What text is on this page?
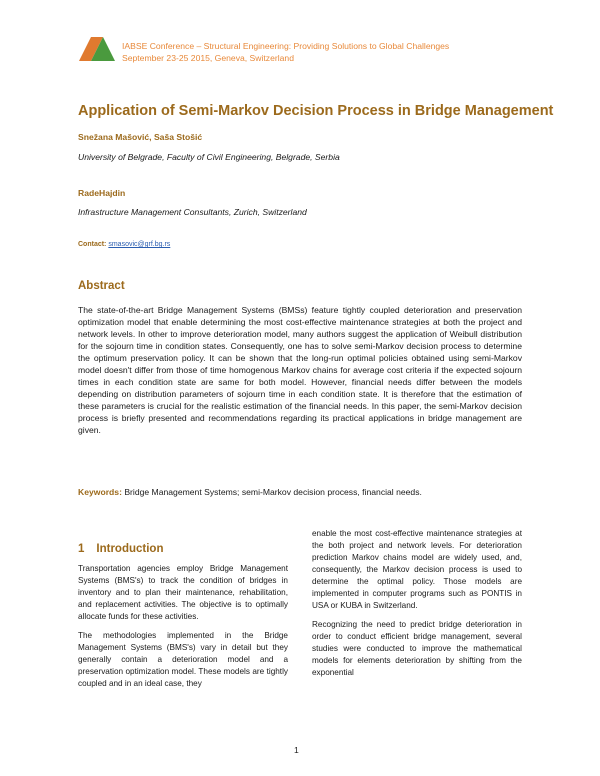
IABSE Conference – Structural Engineering: Providing Solutions to Global Challenges
September 23-25 2015, Geneva, Switzerland
Application of Semi-Markov Decision Process in Bridge Management
Snežana Mašović, Saša Stošić
University of Belgrade, Faculty of Civil Engineering, Belgrade, Serbia
RadeHajdin
Infrastructure Management Consultants, Zurich, Switzerland
Contact: smasovic@grf.bg.rs
Abstract
The state-of-the-art Bridge Management Systems (BMSs) feature tightly coupled deterioration and preservation optimization model that enable determining the most cost-effective maintenance strategies at both the project and network levels. In other to improve deterioration model, many authors suggest the application of Weibull distribution for the sojourn time in condition states. Consequently, one has to solve semi-Markov decision process to determine the optimum preservation policy. It can be shown that the long-run optimal policies obtained using semi-Markov model doesn't differ from those of time homogenous Markov chains for average cost criteria if the expected sojourn times in each condition state are same for both model. However, financial needs differ between the models depending on distribution parameters of sojourn time in each condition state. It is therefore that the estimation of these parameters is crucial for the realistic estimation of the financial needs. In this paper, the semi-Markov decision process is briefly presented and recommendations regarding its practical applications in bridge management are given.
Keywords: Bridge Management Systems; semi-Markov decision process, financial needs.
1 Introduction

Transportation agencies employ Bridge Management Systems (BMS's) to track the condition of bridges in inventory and to plan their maintenance, rehabilitation, and replacement activities. The objective is to optimally allocate funds for these activities.

The methodologies implemented in the Bridge Management Systems (BMS's) vary in detail but they generally contain a deterioration model and a preservation optimization model. These models are tightly coupled and in an ideal case, they

enable the most cost-effective maintenance strategies at the both project and network levels. For deterioration prediction Markov chains model are widely used, and, consequently, the Markov decision process is used to determine the optimal policy. Those models are implemented in computer programs such as PONTIS in USA or KUBA in Switzerland.

Recognizing the need to predict bridge deterioration in order to conduct efficient bridge management, several studies were conducted to improve the mathematical models for elements deterioration by shifting from the exponential

1
